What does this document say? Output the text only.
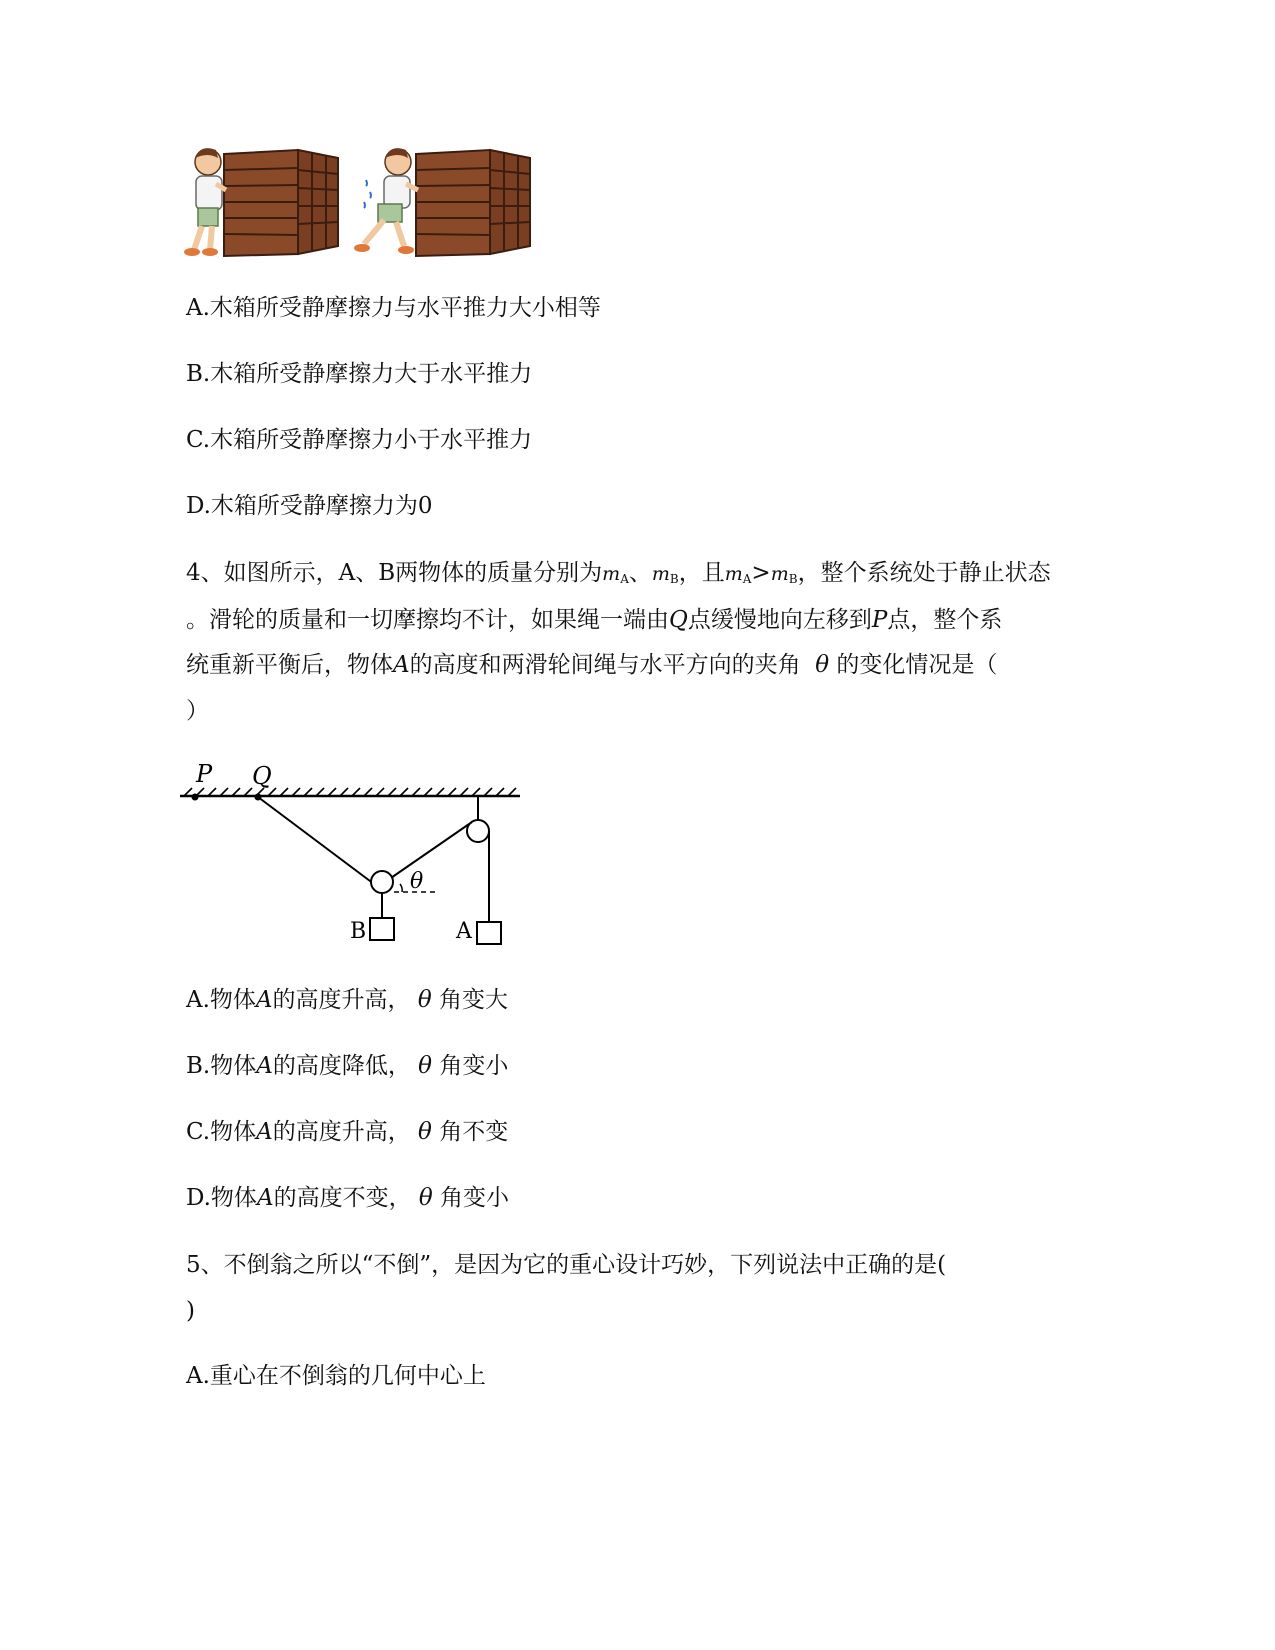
A.木箱所受静摩擦力与水平推力大小相等
B.木箱所受静摩擦力大于水平推力
C.木箱所受静摩擦力小于水平推力
D.木箱所受静摩擦力为0
4、如图所示，A、B两物体的质量分别为$m_A$、$m_B$，且$m_A>m_B$，整个系统处于静止状态
。滑轮的质量和一切摩擦均不计，如果绳一端由Q点缓慢地向左移到P点，整个系
统重新平衡后，物体A的高度和两滑轮间绳与水平方向的夹角 θ 的变化情况是（
）
P Q
θ
B	A
A.物体A的高度升高， θ 角变大
B.物体A的高度降低， θ 角变小
C.物体A的高度升高， θ 角不变
D.物体A的高度不变， θ 角变小
5、不倒翁之所以“不倒”，是因为它的重心设计巧妙，下列说法中正确的是(
)
A.重心在不倒翁的几何中心上
